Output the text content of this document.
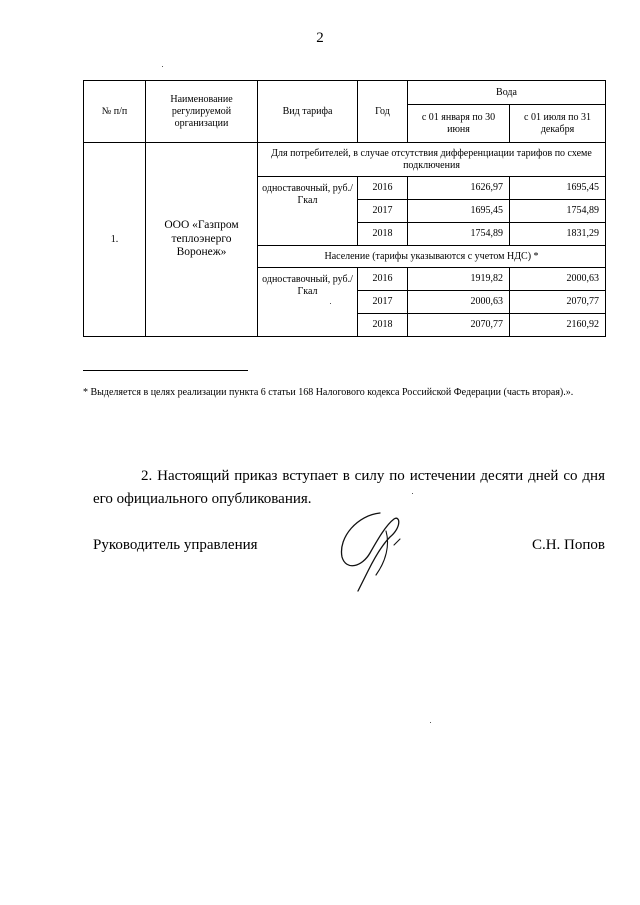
2
№ п/п	Наименование регулируемой организации	Вид тарифа	Год	Вода	
				с 01 января по 30 июня	с 01 июля по 31 декабря
1.	ООО «Газпром теплоэнерго Воронеж»	Для потребителей, в случае отсутствия дифференциации тарифов по схеме подключения			
		одноставочный, руб./Гкал	2016	1626,97	1695,45
			2017	1695,45	1754,89
			2018	1754,89	1831,29
		Население (тарифы указываются с учетом НДС) *			
		одноставочный, руб./Гкал	2016	1919,82	2000,63
			2017	2000,63	2070,77
			2018	2070,77	2160,92
* Выделяется в целях реализации пункта 6 статьи 168 Налогового кодекса Российской Федерации (часть вторая).».
2. Настоящий приказ вступает в силу по истечении десяти дней со дня его официального опубликования.
Руководитель управления	С.Н. Попов
